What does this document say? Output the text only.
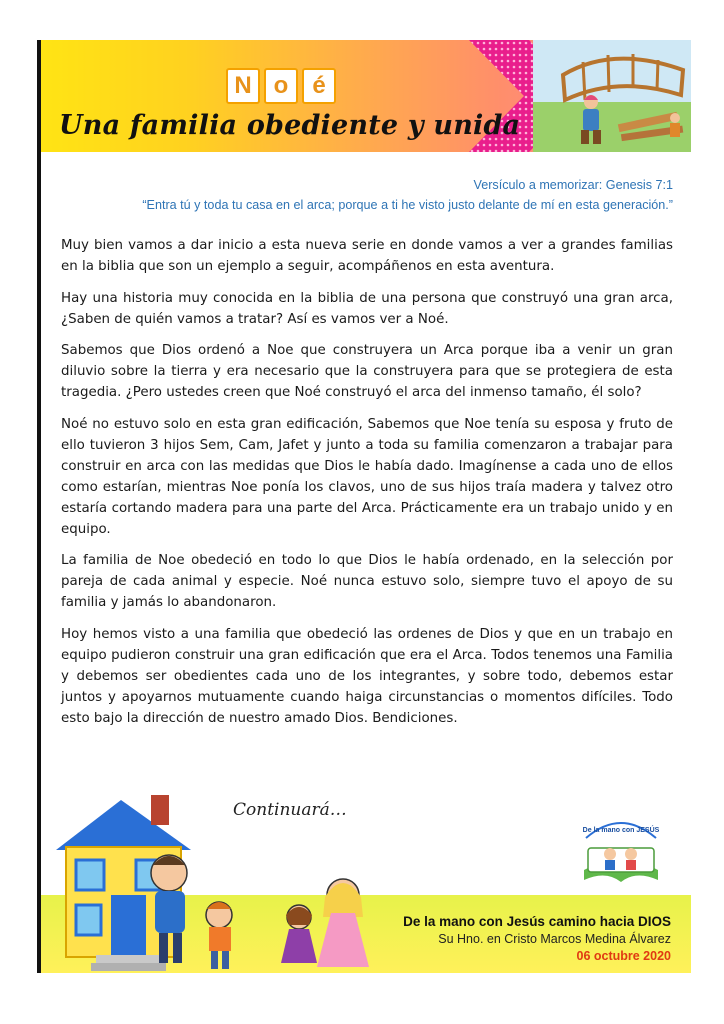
N o é
Una familia obediente y unida
Versículo a memorizar: Genesis 7:1
“Entra tú y toda tu casa en el arca; porque a ti he visto justo delante de mí en esta generación.”

Muy bien vamos a dar inicio a esta nueva serie en donde vamos a ver a grandes familias en la biblia que son un ejemplo a seguir, acompáñenos en esta aventura.

Hay una historia muy conocida en la biblia de una persona que construyó una gran arca, ¿Saben de quién vamos a tratar? Así es vamos ver a Noé.

Sabemos que Dios ordenó a Noe que construyera un Arca porque iba a venir un gran diluvio sobre la tierra y era necesario que la construyera para que se protegiera de esta tragedia. ¿Pero ustedes creen que Noé construyó el arca del inmenso tamaño, él solo?

Noé no estuvo solo en esta gran edificación, Sabemos que Noe tenía su esposa y fruto de ello tuvieron 3 hijos Sem, Cam, Jafet y junto a toda su familia comenzaron a trabajar para construir en arca con las medidas que Dios le había dado. Imagínense a cada uno de ellos como estarían, mientras Noe ponía los clavos, uno de sus hijos traía madera y talvez otro estaría cortando madera para una parte del Arca. Prácticamente era un trabajo unido y en equipo.

La familia de Noe obedeció en todo lo que Dios le había ordenado, en la selección por pareja de cada animal y especie. Noé nunca estuvo solo, siempre tuvo el apoyo de su familia y jamás lo abandonaron.

Hoy hemos visto a una familia que obedeció las ordenes de Dios y que en un trabajo en equipo pudieron construir una gran edificación que era el Arca. Todos tenemos una Familia y debemos ser obedientes cada uno de los integrantes, y sobre todo, debemos estar juntos y apoyarnos mutuamente cuando haiga circunstancias o momentos difíciles. Todo esto bajo la dirección de nuestro amado Dios. Bendiciones.

Continuará…
De la mano con Jesús camino hacia DIOS
Su Hno. en Cristo Marcos Medina Álvarez
06 octubre 2020
De la mano con JESÚS
